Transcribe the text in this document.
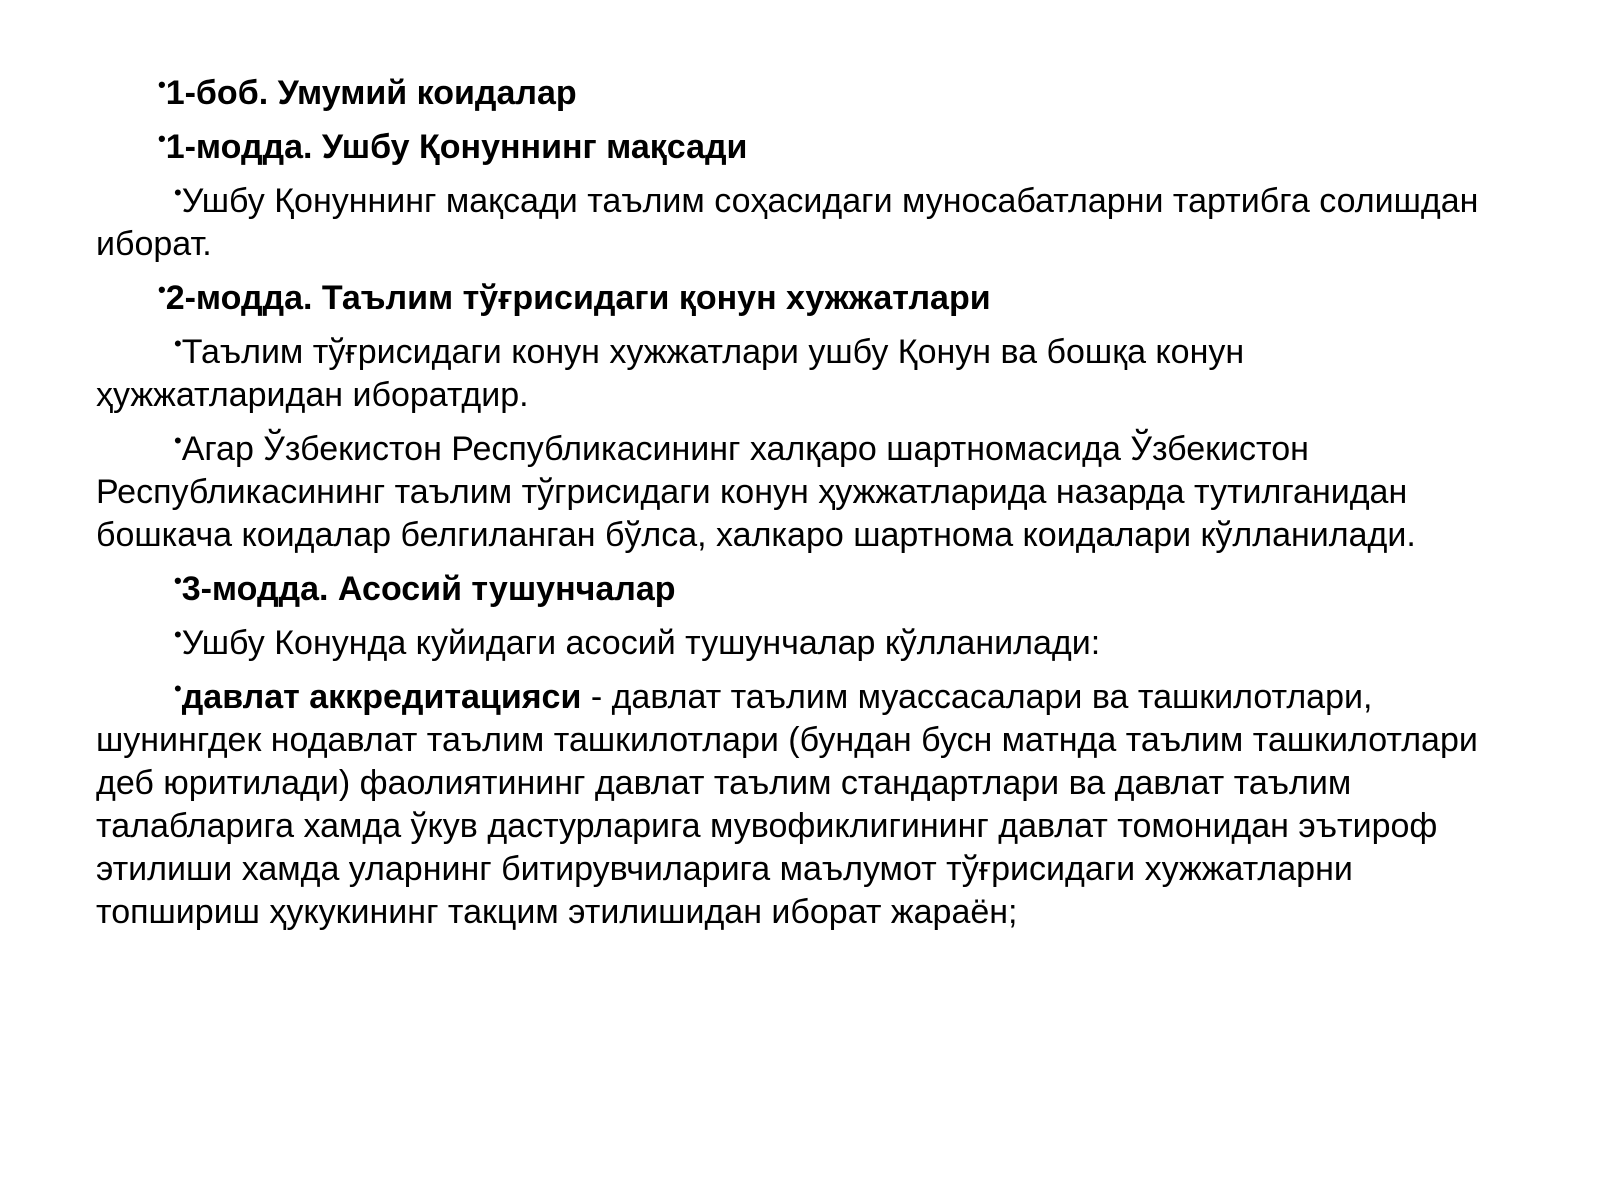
•1-боб. Умумий коидалар

•1-модда. Ушбу Қонуннинг мақсади

•Ушбу Қонуннинг мақсади таълим соҳасидаги муносабатларни тартибга солишдан иборат.

•2-модда. Таълим тўғрисидаги қонун хужжатлари

•Таълим тўғрисидаги конун хужжатлари ушбу Қонун ва бошқа конун ҳужжатларидан иборатдир.

•Агар Ўзбекистон Республикасининг халқаро шартномасида Ўзбекистон Республикасининг таълим тўгрисидаги конун ҳужжатларида назарда тутилганидан бошкача коидалар белгиланган бўлса, халкаро шартнома коидалари кўлланилади.

•3-модда. Асосий тушунчалар

•Ушбу Конунда куйидаги асосий тушунчалар кўлланилади:

•давлат аккредитацияси - давлат таълим муассасалари ва ташкилотлари, шунингдек нодавлат таълим ташкилотлари (бундан бусн матнда таълим ташкилотлари деб юритилади) фаолиятининг давлат таълим стандартлари ва давлат таълим талабларига хамда ўкув дастурларига мувофиклигининг давлат томонидан эътироф этилиши хамда уларнинг битирувчиларига маълумот тўғрисидаги хужжатларни топшириш ҳукукининг такцим этилишидан иборат жараён;
